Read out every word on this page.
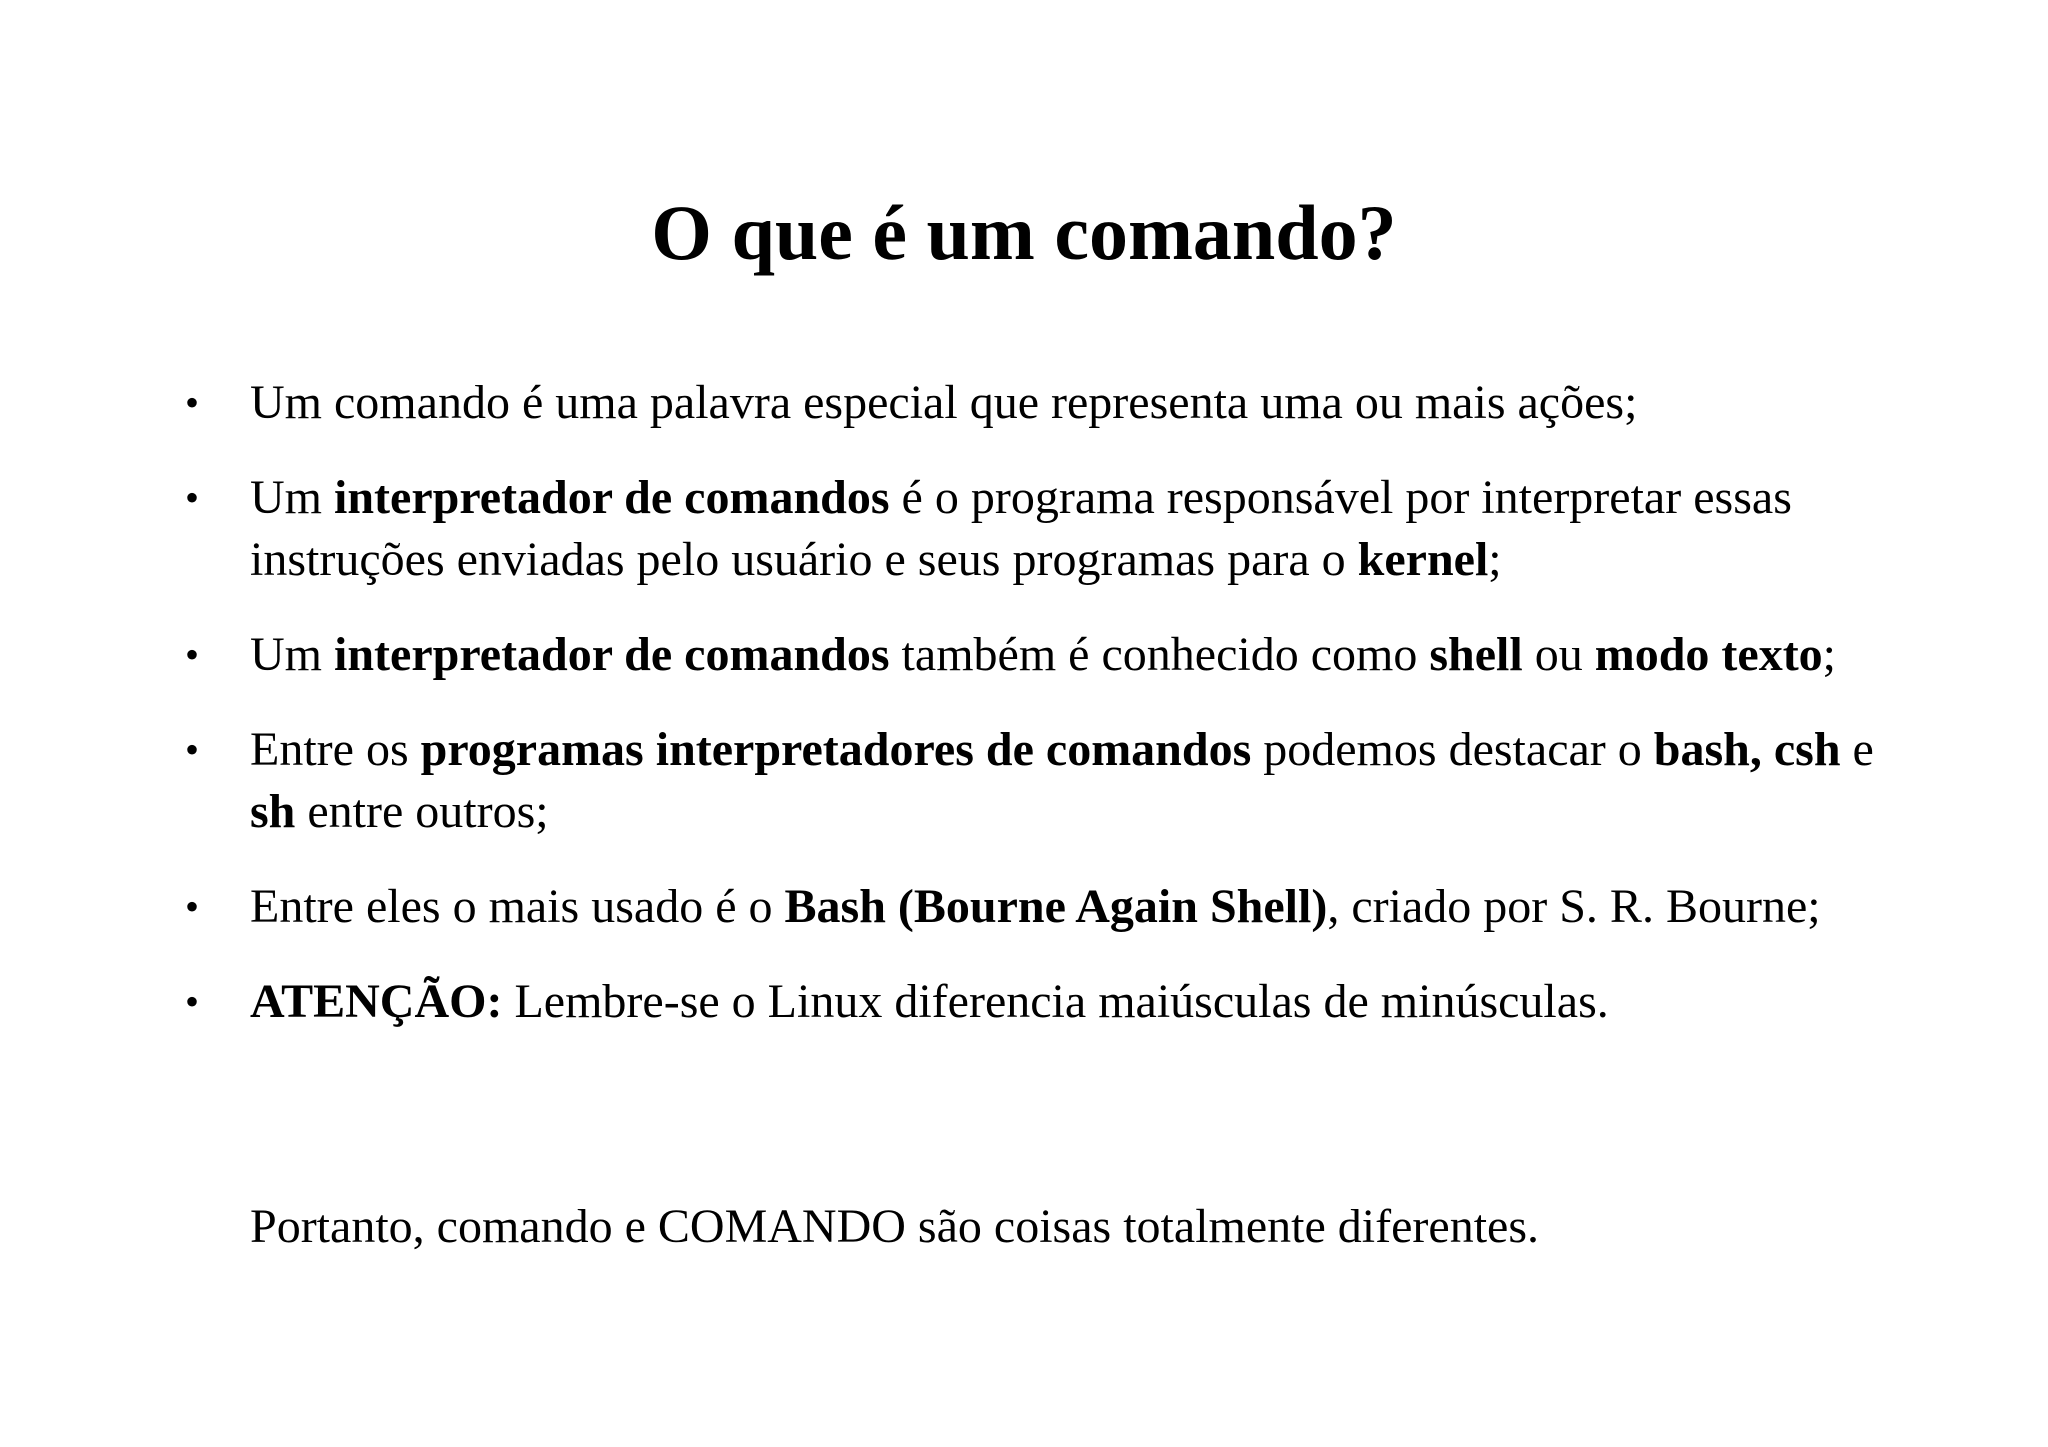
O que é um comando?
• Um comando é uma palavra especial que representa uma ou mais ações;
• Um interpretador de comandos é o programa responsável por interpretar essas instruções enviadas pelo usuário e seus programas para o kernel;
• Um interpretador de comandos também é conhecido como shell ou modo texto;
• Entre os programas interpretadores de comandos podemos destacar o bash, csh e sh entre outros;
• Entre eles o mais usado é o Bash (Bourne Again Shell), criado por S. R. Bourne;
• ATENÇÃO: Lembre-se o Linux diferencia maiúsculas de minúsculas.

Portanto, comando e COMANDO são coisas totalmente diferentes.
